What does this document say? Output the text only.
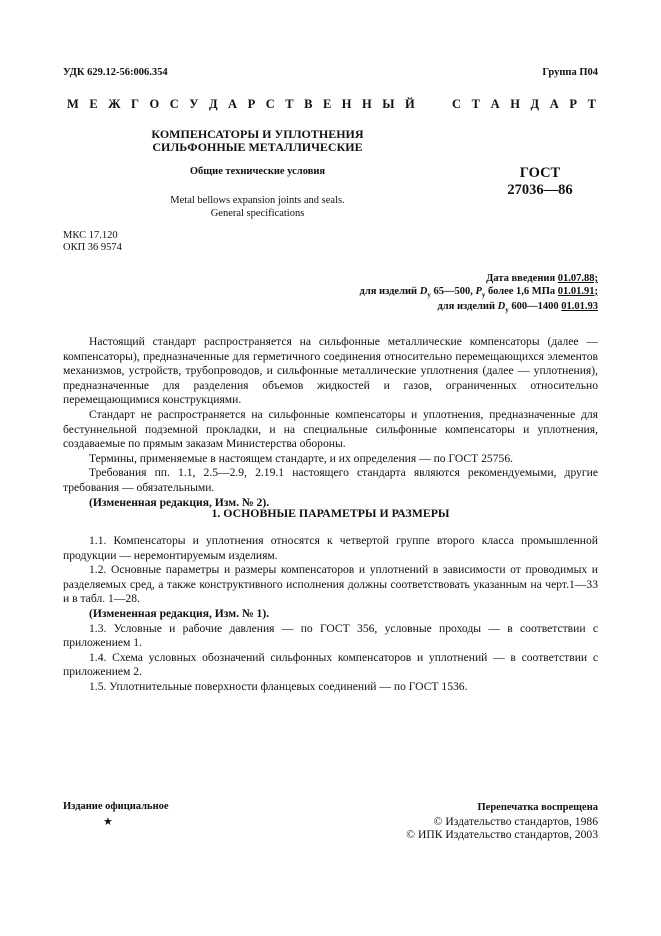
УДК 629.12-56:006.354	Группа П04
М Е Ж Г О С У Д А Р С Т В Е Н Н Ы Й	С Т А Н Д А Р Т
КОМПЕНСАТОРЫ И УПЛОТНЕНИЯ
СИЛЬФОННЫЕ МЕТАЛЛИЧЕСКИЕ
Общие технические условия
Metal bellows expansion joints and seals.
General specifications
ГОСТ
27036—86
МКС 17.120
ОКП 36 9574
Дата введения 01.07.88;
для изделий $D_y$ 65—500, $P_y$ более 1,6 МПа 01.01.91;
для изделий $D_y$ 600—1400 01.01.93

Настоящий стандарт распространяется на сильфонные металлические компенсаторы (далее — компенсаторы), предназначенные для герметичного соединения относительно перемещающихся элементов механизмов, устройств, трубопроводов, и сильфонные металлические уплотнения (далее — уплотнения), предназначенные для разделения объемов жидкостей и газов, ограниченных относительно перемещающимися конструкциями.

Стандарт не распространяется на сильфонные компенсаторы и уплотнения, предназначенные для бестуннельной подземной прокладки, и на специальные сильфонные компенсаторы и уплотнения, создаваемые по прямым заказам Министерства обороны.

Термины, применяемые в настоящем стандарте, и их определения — по ГОСТ 25756.

Требования пп. 1.1, 2.5—2.9, 2.19.1 настоящего стандарта являются рекомендуемыми, другие требования — обязательными.

(Измененная редакция, Изм. № 2).

1. ОСНОВНЫЕ ПАРАМЕТРЫ И РАЗМЕРЫ

1.1. Компенсаторы и уплотнения относятся к четвертой группе второго класса промышленной продукции — неремонтируемым изделиям.

1.2. Основные параметры и размеры компенсаторов и уплотнений в зависимости от проводимых и разделяемых сред, а также конструктивного исполнения должны соответствовать указанным на черт.1—33 и в табл. 1—28.

(Измененная редакция, Изм. № 1).

1.3. Условные и рабочие давления — по ГОСТ 356, условные проходы — в соответствии с приложением 1.

1.4. Схема условных обозначений сильфонных компенсаторов и уплотнений — в соответствии с приложением 2.

1.5. Уплотнительные поверхности фланцевых соединений — по ГОСТ 1536.

Издание официальное
★
Перепечатка воспрещена
© Издательство стандартов, 1986
© ИПК Издательство стандартов, 2003
